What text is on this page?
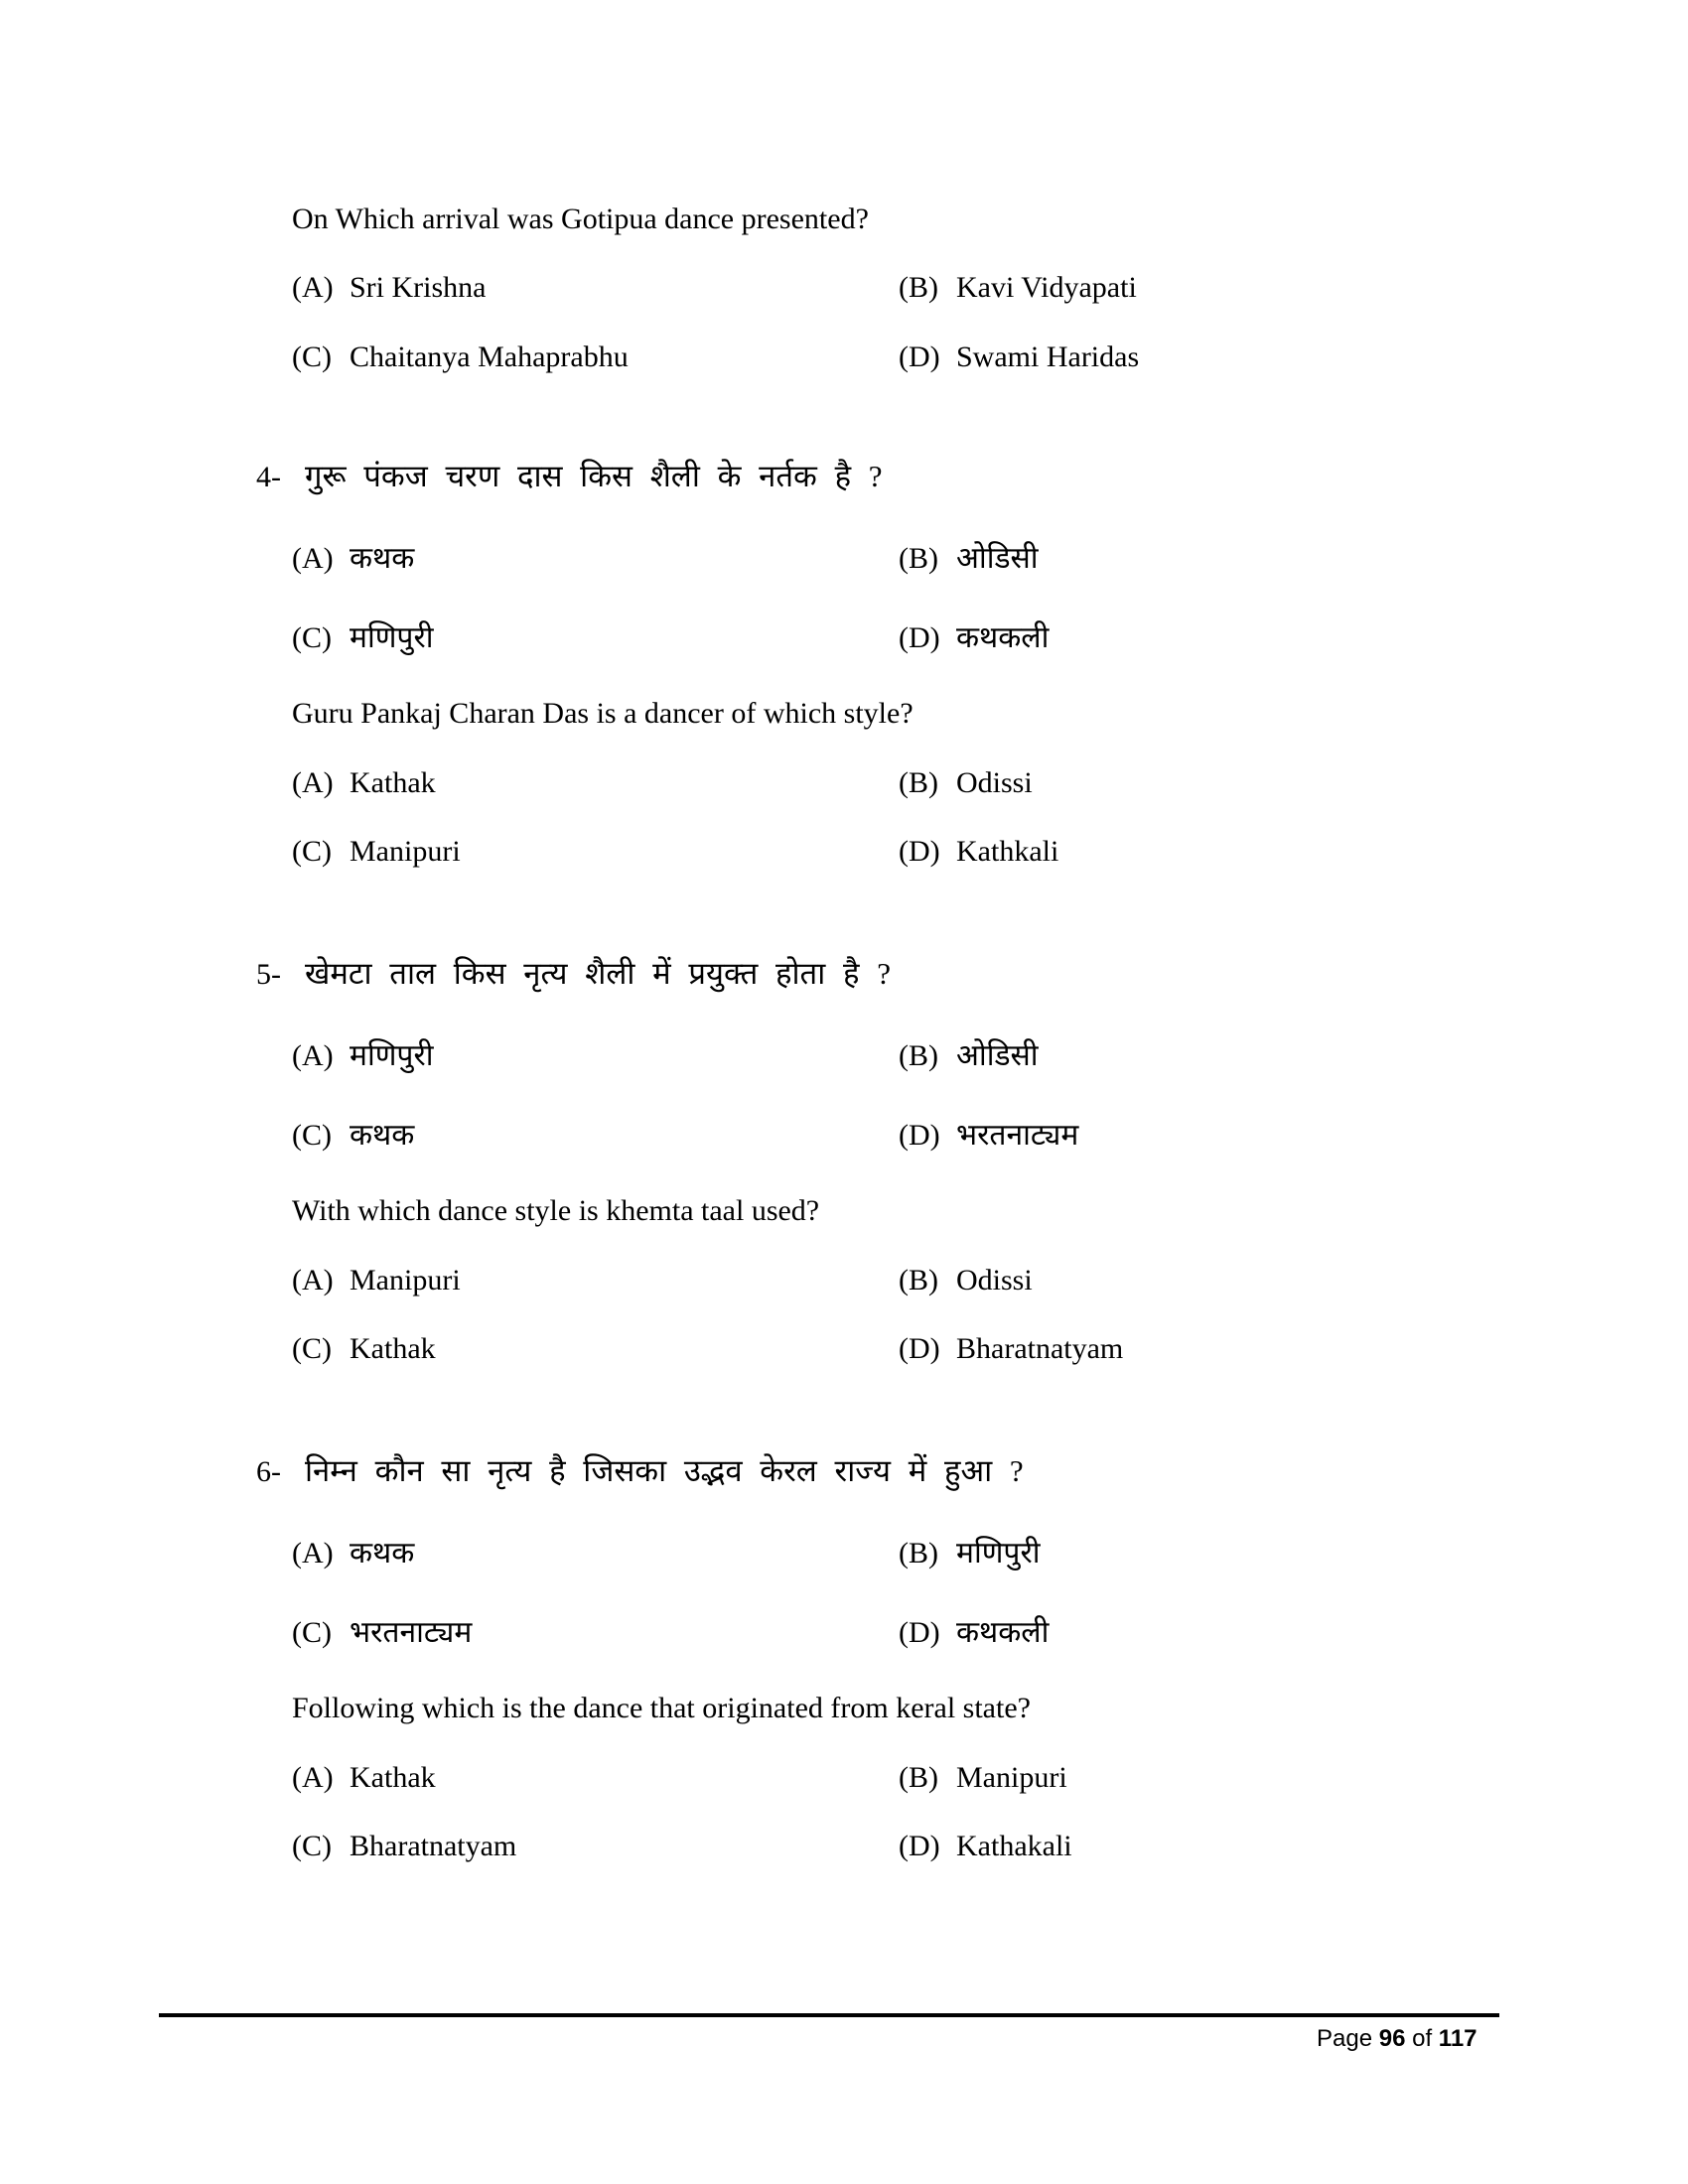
On Which arrival was Gotipua dance presented?
(A) Sri Krishna	(B) Kavi Vidyapati
(C) Chaitanya Mahaprabhu	(D) Swami Haridas
4- गुरू पंकज चरण दास किस शैली के नर्तक है ?
(A) कथक	(B) ओडिसी
(C) मणिपुरी	(D) कथकली
Guru Pankaj Charan Das is a dancer of which style?
(A) Kathak	(B) Odissi
(C) Manipuri	(D) Kathkali
5- खेमटा ताल किस नृत्य शैली में प्रयुक्त होता है ?
(A) मणिपुरी	(B) ओडिसी
(C) कथक	(D) भरतनाट्यम
With which dance style is khemta taal used?
(A) Manipuri	(B) Odissi
(C) Kathak	(D) Bharatnatyam
6- निम्न कौन सा नृत्य है जिसका उद्भव केरल राज्य में हुआ ?
(A) कथक	(B) मणिपुरी
(C) भरतनाट्यम	(D) कथकली
Following which is the dance that originated from keral state?
(A) Kathak	(B) Manipuri
(C) Bharatnatyam	(D) Kathakali
Page 96 of 117
